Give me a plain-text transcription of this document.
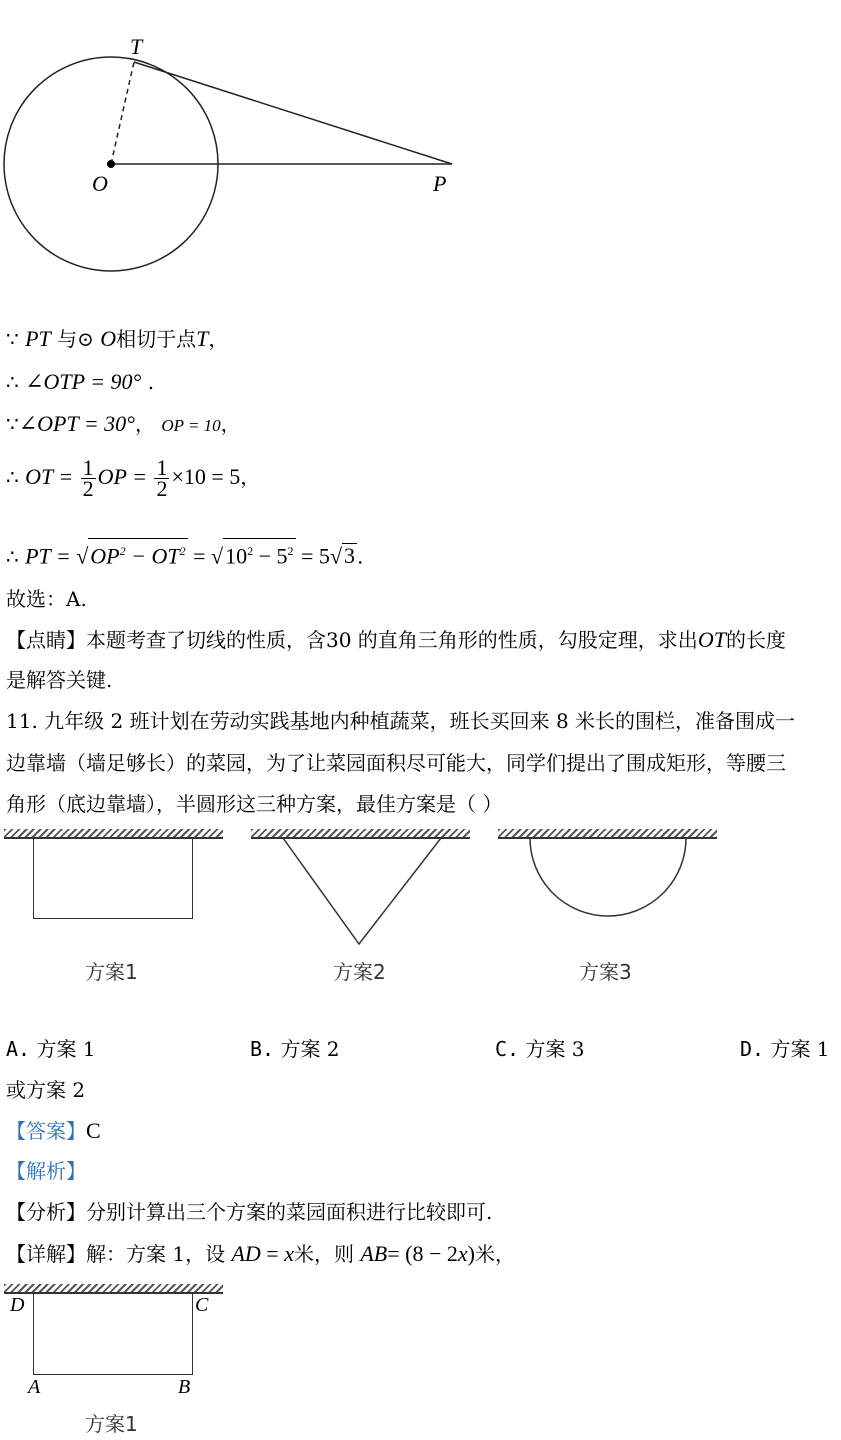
T
O	P
∵ PT 与⊙ O相切于点T，
∴ ∠OTP = 90° .
∵∠OPT = 30°， OP = 10，
∴ OT = $\frac{1}{2}$ OP = $\frac{1}{2} \times 10 = 5$，
∴ PT = $√OP^2 - OT^2 = √10^2 - 5^2 = 5√3$ .
故选：A.
【点睛】本题考查了切线的性质，含30 的直角三角形的性质，勾股定理，求出OT的长度
是解答关键.
11. 九年级 2 班计划在劳动实践基地内种植蔬菜，班长买回来 8 米长的围栏，准备围成一
边靠墙（墙足够长）的菜园，为了让菜园面积尽可能大，同学们提出了围成矩形，等腰三
角形（底边靠墙），半圆形这三种方案，最佳方案是（ ）
方案1	方案2	方案3
A. 方案 1	B. 方案 2	C. 方案 3	D. 方案 1
或方案 2
【答案】C
【解析】
【分析】分别计算出三个方案的菜园面积进行比较即可.
【详解】解：方案 1，设 AD = x米，则 AB= (8 − 2x)米，
D	C
A	B
方案1
